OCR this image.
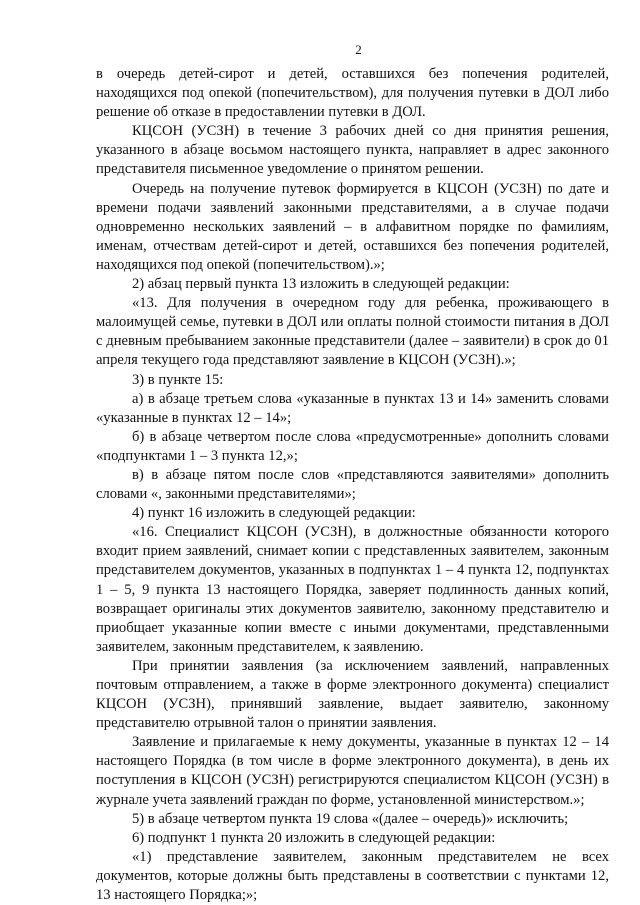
2

в очередь детей-сирот и детей, оставшихся без попечения родителей, находящихся под опекой (попечительством), для получения путевки в ДОЛ либо решение об отказе в предоставлении путевки в ДОЛ.

КЦСОН (УСЗН) в течение 3 рабочих дней со дня принятия решения, указанного в абзаце восьмом настоящего пункта, направляет в адрес законного представителя письменное уведомление о принятом решении.

Очередь на получение путевок формируется в КЦСОН (УСЗН) по дате и времени подачи заявлений законными представителями, а в случае подачи одновременно нескольких заявлений – в алфавитном порядке по фамилиям, именам, отчествам детей-сирот и детей, оставшихся без попечения родителей, находящихся под опекой (попечительством).»;

2) абзац первый пункта 13 изложить в следующей редакции:

«13. Для получения в очередном году для ребенка, проживающего в малоимущей семье, путевки в ДОЛ или оплаты полной стоимости питания в ДОЛ с дневным пребыванием законные представители (далее – заявители) в срок до 01 апреля текущего года представляют заявление в КЦСОН (УСЗН).»;

3) в пункте 15:

а) в абзаце третьем слова «указанные в пунктах 13 и 14» заменить словами «указанные в пунктах 12 – 14»;

б) в абзаце четвертом после слова «предусмотренные» дополнить словами «подпунктами 1 – 3 пункта 12,»;

в) в абзаце пятом после слов «представляются заявителями» дополнить словами «, законными представителями»;

4) пункт 16 изложить в следующей редакции:

«16. Специалист КЦСОН (УСЗН), в должностные обязанности которого входит прием заявлений, снимает копии с представленных заявителем, законным представителем документов, указанных в подпунктах 1 – 4 пункта 12, подпунктах 1 – 5, 9 пункта 13 настоящего Порядка, заверяет подлинность данных копий, возвращает оригиналы этих документов заявителю, законному представителю и приобщает указанные копии вместе с иными документами, представленными заявителем, законным представителем, к заявлению.

При принятии заявления (за исключением заявлений, направленных почтовым отправлением, а также в форме электронного документа) специалист КЦСОН (УСЗН), принявший заявление, выдает заявителю, законному представителю отрывной талон о принятии заявления.

Заявление и прилагаемые к нему документы, указанные в пунктах 12 – 14 настоящего Порядка (в том числе в форме электронного документа), в день их поступления в КЦСОН (УСЗН) регистрируются специалистом КЦСОН (УСЗН) в журнале учета заявлений граждан по форме, установленной министерством.»;

5) в абзаце четвертом пункта 19 слова «(далее – очередь)» исключить;

6) подпункт 1 пункта 20 изложить в следующей редакции:

«1) представление заявителем, законным представителем не всех документов, которые должны быть представлены в соответствии с пунктами 12, 13 настоящего Порядка;»;
